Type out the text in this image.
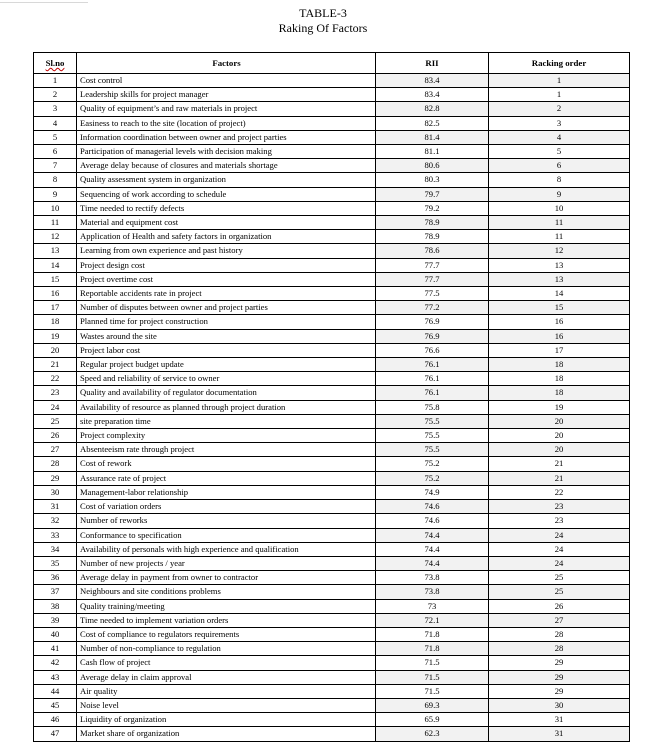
TABLE-3
Raking Of Factors
Sl.no	Factors	RII	Racking order
1	Cost control	83.4	1
2	Leadership skills for project manager	83.4	1
3	Quality of equipment’s and raw materials in project	82.8	2
4	Easiness to reach to the site (location of project)	82.5	3
5	Information coordination between owner and project parties	81.4	4
6	Participation of managerial levels with decision making	81.1	5
7	Average delay because of closures and materials shortage	80.6	6
8	Quality assessment system in organization	80.3	8
9	Sequencing of work according to schedule	79.7	9
10	Time needed to rectify defects	79.2	10
11	Material and equipment cost	78.9	11
12	Application of Health and safety factors in organization	78.9	11
13	Learning from own experience and past history	78.6	12
14	Project design cost	77.7	13
15	Project overtime cost	77.7	13
16	Reportable accidents rate in project	77.5	14
17	Number of disputes between owner and project parties	77.2	15
18	Planned time for project construction	76.9	16
19	Wastes around the site	76.9	16
20	Project labor cost	76.6	17
21	Regular project budget update	76.1	18
22	Speed and reliability of service to owner	76.1	18
23	Quality and availability of regulator documentation	76.1	18
24	Availability of resource as planned through project duration	75.8	19
25	site preparation time	75.5	20
26	Project complexity	75.5	20
27	Absenteeism rate through project	75.5	20
28	Cost of rework	75.2	21
29	Assurance rate of project	75.2	21
30	Management-labor relationship	74.9	22
31	Cost of variation orders	74.6	23
32	Number of reworks	74.6	23
33	Conformance to specification	74.4	24
34	Availability of personals with high experience and qualification	74.4	24
35	Number of new projects / year	74.4	24
36	Average delay in payment from owner to contractor	73.8	25
37	Neighbours and site conditions problems	73.8	25
38	Quality training/meeting	73	26
39	Time needed to implement variation orders	72.1	27
40	Cost of compliance to regulators requirements	71.8	28
41	Number of non-compliance to regulation	71.8	28
42	Cash flow of project	71.5	29
43	Average delay in claim approval	71.5	29
44	Air quality	71.5	29
45	Noise level	69.3	30
46	Liquidity of organization	65.9	31
47	Market share of organization	62.3	31
